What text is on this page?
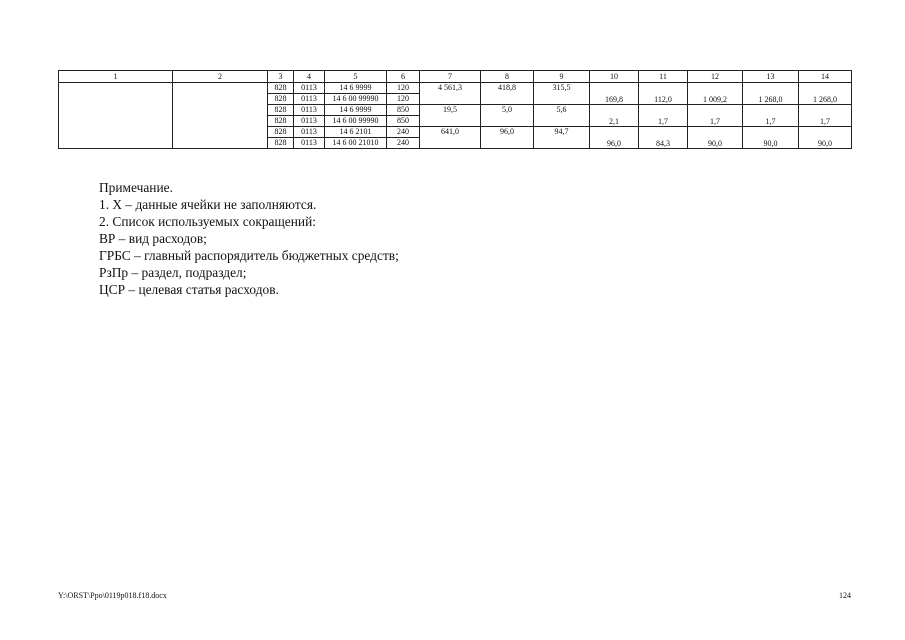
1	2	3	4	5	6	7	8	9	10	11	12	13	14
		828	0113	14 6 9999	120	4 561,3	418,8	315,5					
		828	0113	14 6 00 99990	120				169,8	112,0	1 009,2	1 268,0	1 268,0
		828	0113	14 6 9999	850	19,5	5,0	5,6					
		828	0113	14 6 00 99990	850				2,1	1,7	1,7	1,7	1,7
		828	0113	14 6 2101	240	641,0	96,0	94,7					
		828	0113	14 6 00 21010	240				96,0	84,3	90,0	90,0	90,0
Примечание.
1. X – данные ячейки не заполняются.
2. Список используемых сокращений:
ВР – вид расходов;
ГРБС – главный распорядитель бюджетных средств;
РзПр – раздел, подраздел;
ЦСР – целевая статья расходов.
Y:\ORST\Ppo\0119p018.f18.docx	124
